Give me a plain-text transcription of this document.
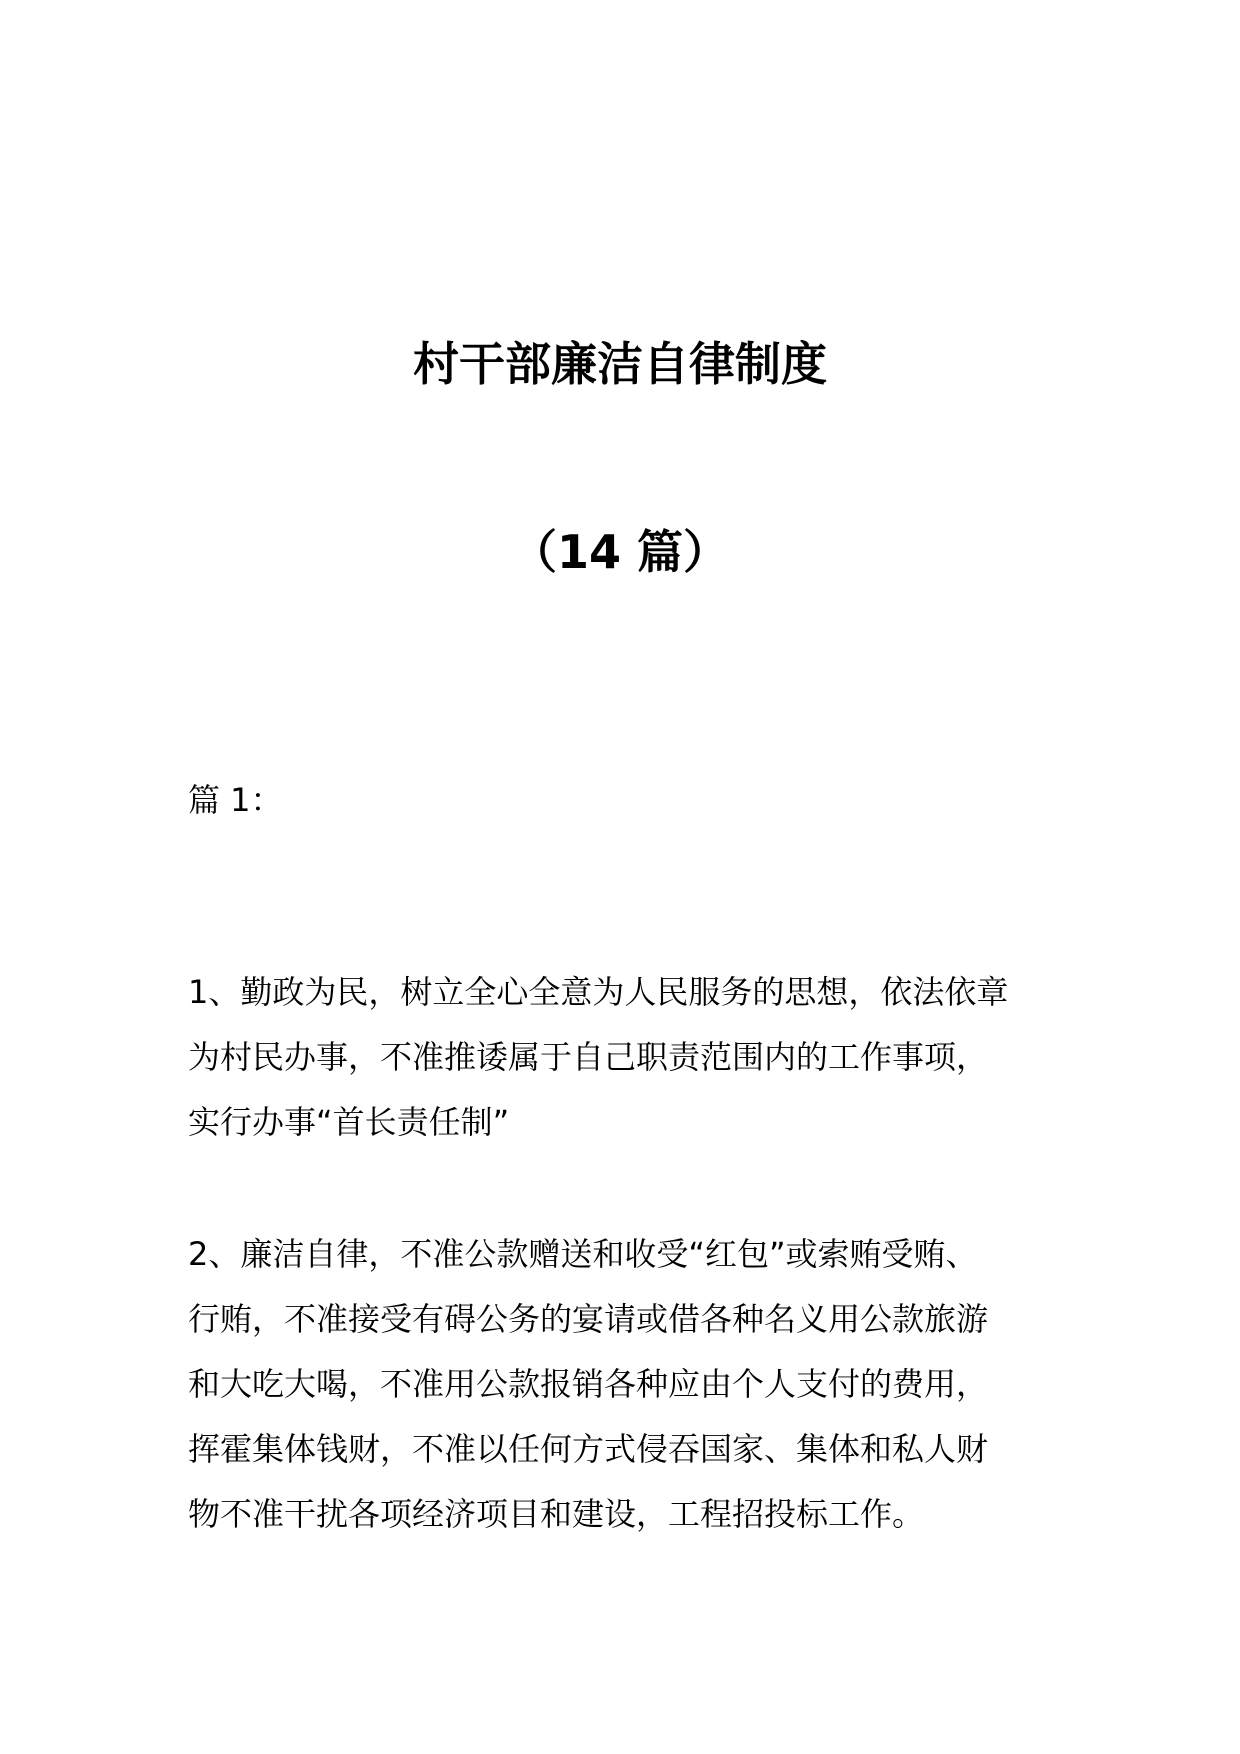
村干部廉洁自律制度
（14 篇）

篇 1：

1、勤政为民，树立全心全意为人民服务的思想，依法依章
为村民办事，不准推诿属于自己职责范围内的工作事项，
实行办事“首长责任制”

2、廉洁自律，不准公款赠送和收受“红包”或索贿受贿、
行贿，不准接受有碍公务的宴请或借各种名义用公款旅游
和大吃大喝，不准用公款报销各种应由个人支付的费用，
挥霍集体钱财，不准以任何方式侵吞国家、集体和私人财
物不准干扰各项经济项目和建设，工程招投标工作。
